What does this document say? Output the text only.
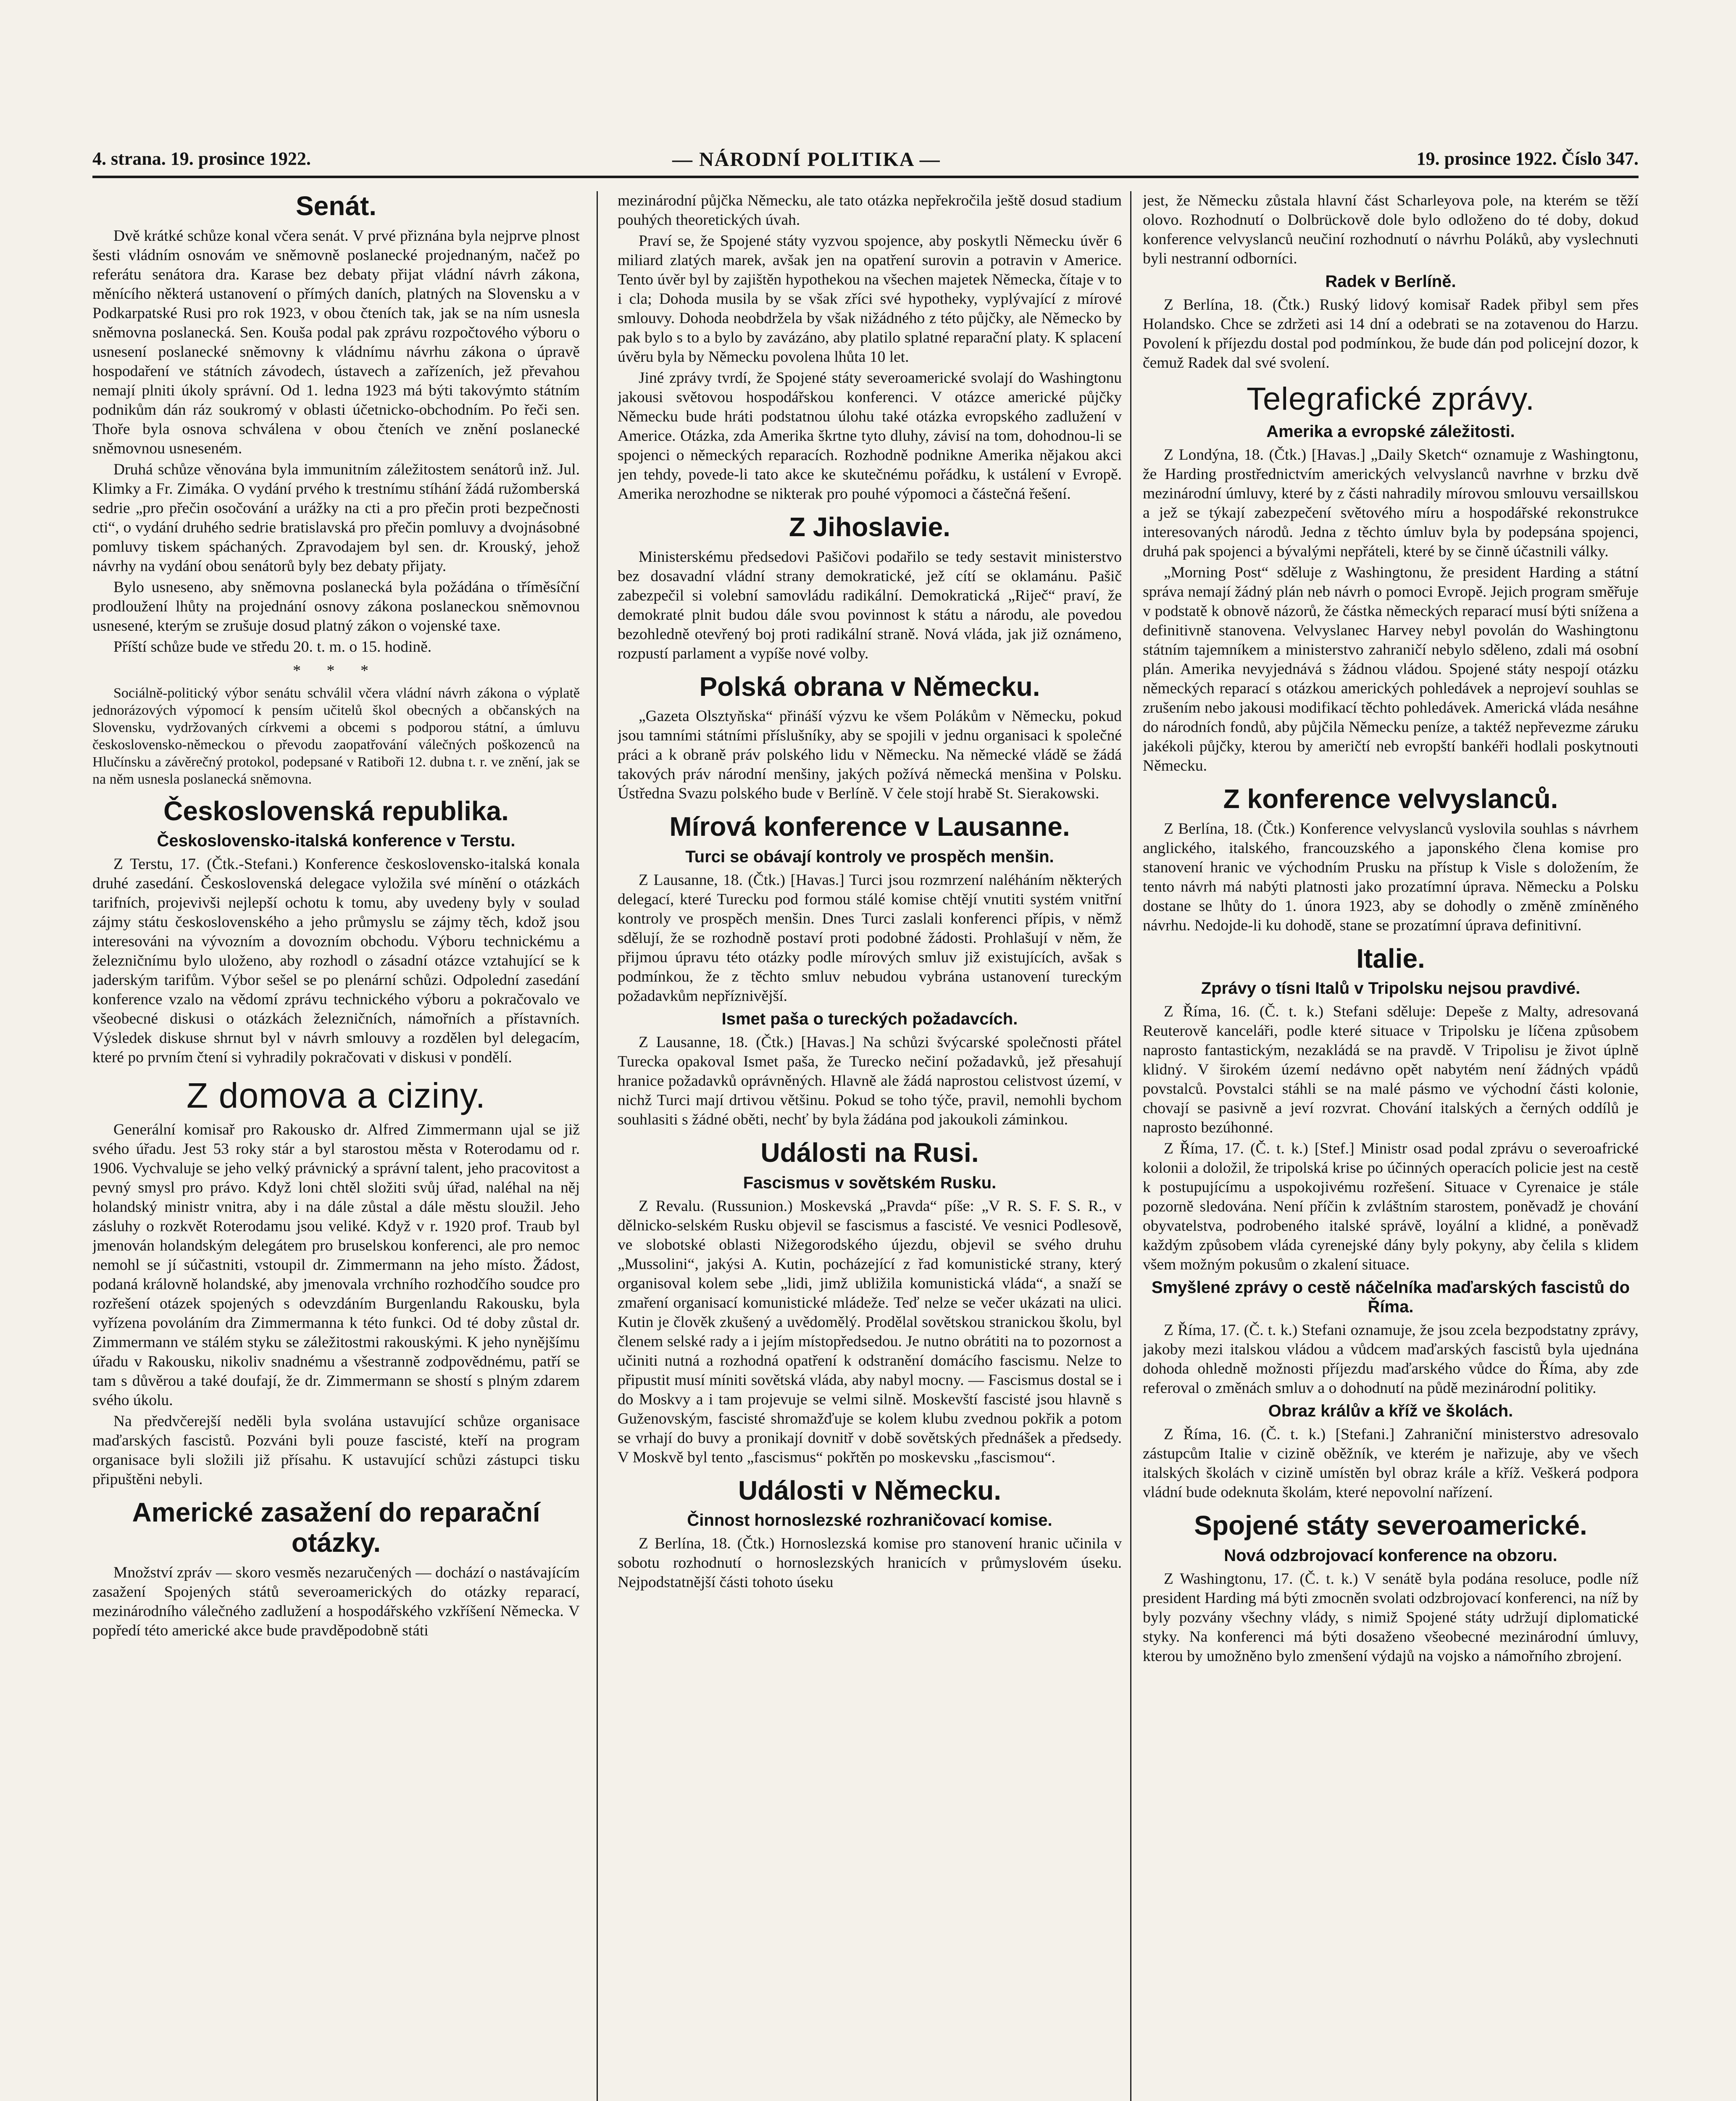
4. strana. 19. prosince 1922.	— NÁRODNÍ POLITIKA —	19. prosince 1922. Číslo 347.
Senát.

Dvě krátké schůze konal včera senát. V prvé přiznána byla nejprve plnost šesti vládním osnovám ve sněmovně poslanecké projednaným, načež po referátu senátora dra. Karase bez debaty přijat vládní návrh zákona, měnícího některá ustanovení o přímých daních, platných na Slovensku a v Podkarpatské Rusi pro rok 1923, v obou čteních tak, jak se na ním usnesla sněmovna poslanecká. Sen. Kouša podal pak zprávu rozpočtového výboru o usnesení poslanecké sněmovny k vládnímu návrhu zákona o úpravě hospodaření ve státních závodech, ústavech a zařízeních, jež převahou nemají plniti úkoly správní. Od 1. ledna 1923 má býti takovýmto státním podnikům dán ráz soukromý v oblasti účetnicko-obchodním. Po řeči sen. Thoře byla osnova schválena v obou čteních ve znění poslanecké sněmovnou usneseném.

Druhá schůze věnována byla immunitním záležitostem senátorů inž. Jul. Klimky a Fr. Zimáka. O vydání prvého k trestnímu stíhání žádá ružomberská sedrie „pro přečin osočování a urážky na cti a pro přečin proti bezpečnosti cti“, o vydání druhého sedrie bratislavská pro přečin pomluvy a dvojnásobné pomluvy tiskem spáchaných. Zpravodajem byl sen. dr. Krouský, jehož návrhy na vydání obou senátorů byly bez debaty přijaty.

Bylo usneseno, aby sněmovna poslanecká byla požádána o tříměsíční prodloužení lhůty na projednání osnovy zákona poslaneckou sněmovnou usnesené, kterým se zrušuje dosud platný zákon o vojenské taxe.

Příští schůze bude ve středu 20. t. m. o 15. hodině.

* * *

Sociálně-politický výbor senátu schválil včera vládní návrh zákona o výplatě jednorázových výpomocí k pensím učitelů škol obecných a občanských na Slovensku, vydržovaných církvemi a obcemi s podporou státní, a úmluvu československo-německou o převodu zaopatřování válečných poškozenců na Hlučínsku a závěrečný protokol, podepsané v Ratibоři 12. dubna t. r. ve znění, jak se na něm usnesla poslanecká sněmovna.

Československá republika.
Československo-italská konference v Terstu.

Z Terstu, 17. (Čtk.-Stefani.) Konference československo-italská konala druhé zasedání. Československá delegace vyložila své mínění o otázkách tarifních, projevivši nejlepší ochotu k tomu, aby uvedeny byly v soulad zájmy státu československého a jeho průmyslu se zájmy těch, kdož jsou interesováni na vývozním a dovozním obchodu. Výboru technickému a železničnímu bylo uloženo, aby rozhodl o zásadní otázce vztahující se k jaderským tarifům. Výbor sešel se po plenární schůzi. Odpolední zasedání konference vzalo na vědomí zprávu technického výboru a pokračovalo ve všeobecné diskusi o otázkách železničních, námořních a přístavních. Výsledek diskuse shrnut byl v návrh smlouvy a rozdělen byl delegacím, které po prvním čtení si vyhradily pokračovati v diskusi v pondělí.

Z domova a ciziny.

Generální komisař pro Rakousko dr. Alfred Zimmermann ujal se již svého úřadu. Jest 53 roky stár a byl starostou města v Roterodamu od r. 1906. Vychvaluje se jeho velký právnický a správní talent, jeho pracovitost a pevný smysl pro právo. Když loni chtěl složiti svůj úřad, naléhal na něj holandský ministr vnitra, aby i na dále zůstal a dále městu sloužil. Jeho zásluhy o rozkvět Roterodamu jsou veliké. Když v r. 1920 prof. Traub byl jmenován holandským delegátem pro bruselskou konferenci, ale pro nemoc nemohl se jí súčastniti, vstoupil dr. Zimmermann na jeho místo. Žádost, podaná královně holandské, aby jmenovala vrchního rozhodčího soudce pro rozřešení otázek spojených s odevzdáním Burgenlandu Rakousku, byla vyřízena povoláním dra Zimmermanna k této funkci. Od té doby zůstal dr. Zimmermann ve stálém styku se záležitostmi rakouskými. K jeho nynějšímu úřadu v Rakousku, nikoliv snadnému a všestranně zodpovědnému, patří se tam s důvěrou a také doufají, že dr. Zimmermann se shostí s plným zdarem svého úkolu.

Na předvčerejší neděli byla svolána ustavující schůze organisace maďarských fascistů. Pozváni byli pouze fascisté, kteří na program organisace byli složili již přísahu. K ustavující schůzi zástupci tisku připuštěni nebyli.

Americké zasažení do reparační otázky.

Množství zpráv — skoro vesměs nezaručených — dochází o nastávajícím zasažení Spojených států severoamerických do otázky reparací, mezinárodního válečného zadlužení a hospodářského vzkříšení Německa. V popředí této americké akce bude pravděpodobně státi

mezinárodní půjčka Německu, ale tato otázka nepřekročila ještě dosud stadium pouhých theoretických úvah.

Praví se, že Spojené státy vyzvou spojence, aby poskytli Německu úvěr 6 miliard zlatých marek, avšak jen na opatření surovin a potravin v Americe. Tento úvěr byl by zajištěn hypothekou na všechen majetek Německa, čítaje v to i cla; Dohoda musila by se však zříci své hypotheky, vyplývající z mírové smlouvy. Dohoda neobdržela by však nižádného z této půjčky, ale Německo by pak bylo s to a bylo by zavázáno, aby platilo splatné reparační platy. K splacení úvěru byla by Německu povolena lhůta 10 let.

Jiné zprávy tvrdí, že Spojené státy severoamerické svolají do Washingtonu jakousi světovou hospodářskou konferenci. V otázce americké půjčky Německu bude hráti podstatnou úlohu také otázka evropského zadlužení v Americe. Otázka, zda Amerika škrtne tyto dluhy, závisí na tom, dohodnou-li se spojenci o německých reparacích. Rozhodně podnikne Amerika nějakou akci jen tehdy, povede-li tato akce ke skutečnému pořádku, k ustálení v Evropě. Amerika nerozhodne se nikterak pro pouhé výpomoci a částečná řešení.

Z Jihoslavie.

Ministerskému předsedovi Pašičovi podařilo se tedy sestavit ministerstvo bez dosavadní vládní strany demokratické, jež cítí se oklamánu. Pašič zabezpečil si volební samovládu radikální. Demokratická „Riječ“ praví, že demokraté plnit budou dále svou povinnost k státu a národu, ale povedou bezohledně otevřený boj proti radikální straně. Nová vláda, jak již oznámeno, rozpustí parlament a vypíše nové volby.

Polská obrana v Německu.

„Gazeta Olsztyňska“ přináší výzvu ke všem Polákům v Německu, pokud jsou tamními státními příslušníky, aby se spojili v jednu organisaci k společné práci a k obraně práv polského lidu v Německu. Na německé vládě se žádá takových práv národní menšiny, jakých požívá německá menšina v Polsku. Ústředna Svazu polského bude v Berlíně. V čele stojí hrabě St. Sierakowski.

Mírová konference v Lausanne.
Turci se obávají kontroly ve prospěch menšin.

Z Lausanne, 18. (Čtk.) [Havas.] Turci jsou rozmrzení naléháním některých delegací, které Turecku pod formou stálé komise chtějí vnutiti systém vnitřní kontroly ve prospěch menšin. Dnes Turci zaslali konferenci přípis, v němž sdělují, že se rozhodně postaví proti podobné žádosti. Prohlašují v něm, že přijmou úpravu této otázky podle mírových smluv již existujících, avšak s podmínkou, že z těchto smluv nebudou vybrána ustanovení tureckým požadavkům nepříznivější.

Ismet paša o tureckých požadavcích.

Z Lausanne, 18. (Čtk.) [Havas.] Na schůzi švýcarské společnosti přátel Turecka opakoval Ismet paša, že Turecko nečiní požadavků, jež přesahují hranice požadavků oprávněných. Hlavně ale žádá naprostou celistvost území, v nichž Turci mají drtivou většinu. Pokud se toho týče, pravil, nemohli bychom souhlasiti s žádné oběti, nechť by byla žádána pod jakoukoli záminkou.

Události na Rusi.
Fascismus v sovětském Rusku.

Z Revalu. (Russunion.) Moskevská „Pravda“ píše: „V R. S. F. S. R., v dělnicko-selském Rusku objevil se fascismus a fascisté. Ve vesnici Podlesově, ve slobotské oblasti Nižegorodského újezdu, objevil se svého druhu „Mussolini“, jakýsi A. Kutin, pocházející z řad komunistické strany, který organisoval kolem sebe „lidi, jimž ubližila komunistická vláda“, a snaží se zmaření organisací komunistické mládeže. Teď nelze se večer ukázati na ulici. Kutin je člověk zkušený a uvědomělý. Prodělal sovětskou stranickou školu, byl členem selské rady a i jejím místopředsedou. Je nutno obrátiti na to pozornost a učiniti nutná a rozhodná opatření k odstranění domácího fascismu. Nelze to připustit musí míniti sovětská vláda, aby nabyl mocny. — Fascismus dostal se i do Moskvy a i tam projevuje se velmi silně. Moskevští fascisté jsou hlavně s Guženovským, fascisté shromažďuje se kolem klubu zvednou pokřik a potom se vrhají do buvy a pronikají dovnitř v době sovětských přednášek a předsedy. V Moskvě byl tento „fascismus“ pokřtěn po moskevsku „fascismou“.

Události v Německu.
Činnost hornoslezské rozhraničovací komise.

Z Berlína, 18. (Čtk.) Hornoslezská komise pro stanovení hranic učinila v sobotu rozhodnutí o hornoslezských hranicích v průmyslovém úseku. Nejpodstatnější části tohoto úseku

jest, že Německu zůstala hlavní část Scharleyova pole, na kterém se těží olovo. Rozhodnutí o Dolbrückově dole bylo odloženo do té doby, dokud konference velvyslanců neučiní rozhodnutí o návrhu Poláků, aby vyslechnuti byli nestranní odborníci.

Radek v Berlíně.

Z Berlína, 18. (Čtk.) Ruský lidový komisař Radek přibyl sem přes Holandsko. Chce se zdržeti asi 14 dní a odebrati se na zotavenou do Harzu. Povolení k příjezdu dostal pod podmínkou, že bude dán pod policejní dozor, k čemuž Radek dal své svolení.

Telegrafické zprávy.
Amerika a evropské záležitosti.

Z Londýna, 18. (Čtk.) [Havas.] „Daily Sketch“ oznamuje z Washingtonu, že Harding prostřednictvím amerických velvyslanců navrhne v brzku dvě mezinárodní úmluvy, které by z části nahradily mírovou smlouvu versaillskou a jež se týkají zabezpečení světového míru a hospodářské rekonstrukce interesovaných národů. Jedna z těchto úmluv byla by podepsána spojenci, druhá pak spojenci a bývalými nepřáteli, které by se činně účastnili války.

„Morning Post“ sděluje z Washingtonu, že president Harding a státní správa nemají žádný plán neb návrh o pomoci Evropě. Jejich program směřuje v podstatě k obnově názorů, že částka německých reparací musí býti snížena a definitivně stanovena. Velvyslanec Harvey nebyl povolán do Washingtonu státním tajemníkem a ministerstvo zahraničí nebylo sděleno, zdali má osobní plán. Amerika nevyjednává s žádnou vládou. Spojené státy nespojí otázku německých reparací s otázkou amerických pohledávek a neprojeví souhlas se zrušením nebo jakousi modifikací těchto pohledávek. Americká vláda nesáhne do národních fondů, aby půjčila Německu peníze, a taktéž nepřevezme záruku jakékoli půjčky, kterou by američtí neb evropští bankéři hodlali poskytnouti Německu.

Z konference velvyslanců.

Z Berlína, 18. (Čtk.) Konference velvyslanců vyslovila souhlas s návrhem anglického, italského, francouzského a japonského člena komise pro stanovení hranic ve východním Prusku na přístup k Visle s doložením, že tento návrh má nabýti platnosti jako prozatímní úprava. Německu a Polsku dostane se lhůty do 1. února 1923, aby se dohodly o změně zmíněného návrhu. Nedojde-li ku dohodě, stane se prozatímní úprava definitivní.

Italie.
Zprávy o tísni Italů v Tripolsku nejsou pravdivé.

Z Říma, 16. (Č. t. k.) Stefani sděluje: Depeše z Malty, adresovaná Reuterově kanceláři, podle které situace v Tripolsku je líčena způsobem naprosto fantastickým, nezakládá se na pravdě. V Tripolisu je život úplně klidný. V širokém území nedávno opět nabytém není žádných vpádů povstalců. Povstalci stáhli se na malé pásmo ve východní části kolonie, chovají se pasivně a jeví rozvrat. Chování italských a černých oddílů je naprosto bezúhonné.

Z Říma, 17. (Č. t. k.) [Stef.] Ministr osad podal zprávu o severoafrické kolonii a doložil, že tripolská krise po účinných operacích policie jest na cestě k postupujícímu a uspokojivému rozřešení. Situace v Cyrenaice je stále pozorně sledována. Není příčin k zvláštním starostem, poněvadž je chování obyvatelstva, podrobeného italské správě, loyální a klidné, a poněvadž každým způsobem vláda cyrenejské dány byly pokyny, aby čelila s klidem všem možným pokusům o zkalení situace.

Smyšlené zprávy o cestě náčelníka maďarských fascistů do Říma.

Z Říma, 17. (Č. t. k.) Stefani oznamuje, že jsou zcela bezpodstatny zprávy, jakoby mezi italskou vládou a vůdcem maďarských fascistů byla ujednána dohoda ohledně možnosti příjezdu maďarského vůdce do Říma, aby zde referoval o změnách smluv a o dohodnutí na půdě mezinárodní politiky.

Obraz králův a kříž ve školách.

Z Říma, 16. (Č. t. k.) [Stefani.] Zahraniční ministerstvo adresovalo zástupcům Italie v cizině oběžník, ve kterém je nařizuje, aby ve všech italských školách v cizině umístěn byl obraz krále a kříž. Veškerá podpora vládní bude odeknuta školám, které nepovolní nařízení.

Spojené státy severoamerické.
Nová odzbrojovací konference na obzoru.

Z Washingtonu, 17. (Č. t. k.) V senátě byla podána resoluce, podle níž president Harding má býti zmocněn svolati odzbrojovací konferenci, na níž by byly pozvány všechny vlády, s nimiž Spojené státy udržují diplomatické styky. Na konferenci má býti dosaženo všeobecné mezinárodní úmluvy, kterou by umožněno bylo zmenšení výdajů na vojsko a námořního zbrojení.
